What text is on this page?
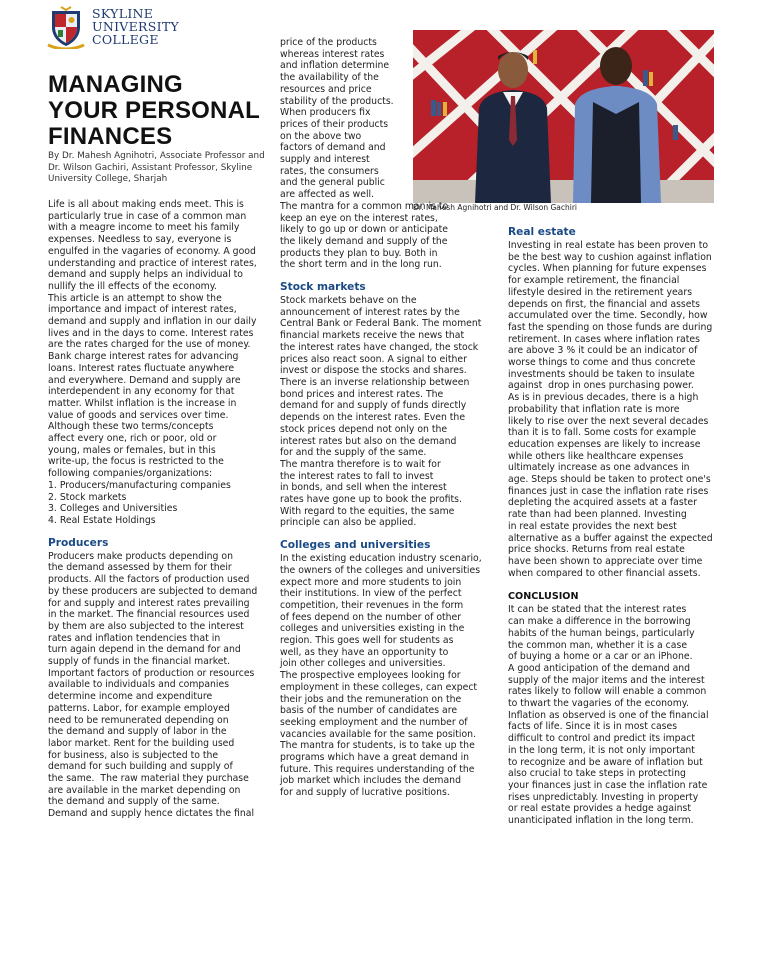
SKYLINE
UNIVERSITY
COLLEGE
MANAGING
YOUR PERSONAL
FINANCES
By Dr. Mahesh Agnihotri, Associate Professor and Dr. Wilson Gachiri, Assistant Professor, Skyline University College, Sharjah
Dr. Mahesh Agnihotri and Dr. Wilson Gachiri

Life is all about making ends meet. This is

particularly true in case of a common man

with a meagre income to meet his family

expenses. Needless to say, everyone is

engulfed in the vagaries of economy. A good

understanding and practice of interest rates,

demand and supply helps an individual to

nullify the ill effects of the economy.

This article is an attempt to show the

importance and impact of interest rates,

demand and supply and inflation in our daily

lives and in the days to come. Interest rates

are the rates charged for the use of money.

Bank charge interest rates for advancing

loans. Interest rates fluctuate anywhere

and everywhere. Demand and supply are

interdependent in any economy for that

matter. Whilst inflation is the increase in

value of goods and services over time.

Although these two terms/concepts

affect every one, rich or poor, old or

young, males or females, but in this

write-up, the focus is restricted to the

following companies/organizations:

1. Producers/manufacturing companies

2. Stock markets

3. Colleges and Universities

4. Real Estate Holdings

Producers

Producers make products depending on

the demand assessed by them for their

products. All the factors of production used

by these producers are subjected to demand

for and supply and interest rates prevailing

in the market. The financial resources used

by them are also subjected to the interest

rates and inflation tendencies that in

turn again depend in the demand for and

supply of funds in the financial market.

Important factors of production or resources

available to individuals and companies

determine income and expenditure

patterns. Labor, for example employed

need to be remunerated depending on

the demand and supply of labor in the

labor market. Rent for the building used

for business, also is subjected to the

demand for such building and supply of

the same.  The raw material they purchase

are available in the market depending on

the demand and supply of the same.

Demand and supply hence dictates the final

price of the products

whereas interest rates

and inflation determine

the availability of the

resources and price

stability of the products.

When producers fix

prices of their products

on the above two

factors of demand and

supply and interest

rates, the consumers

and the general public

are affected as well.

The mantra for a common man is to

keep an eye on the interest rates,

likely to go up or down or anticipate

the likely demand and supply of the

products they plan to buy. Both in

the short term and in the long run.

Stock markets

Stock markets behave on the

announcement of interest rates by the

Central Bank or Federal Bank. The moment

financial markets receive the news that

the interest rates have changed, the stock

prices also react soon. A signal to either

invest or dispose the stocks and shares.

There is an inverse relationship between

bond prices and interest rates. The

demand for and supply of funds directly

depends on the interest rates. Even the

stock prices depend not only on the

interest rates but also on the demand

for and the supply of the same.

The mantra therefore is to wait for

the interest rates to fall to invest

in bonds, and sell when the interest

rates have gone up to book the profits.

With regard to the equities, the same

principle can also be applied.

Colleges and universities

In the existing education industry scenario,

the owners of the colleges and universities

expect more and more students to join

their institutions. In view of the perfect

competition, their revenues in the form

of fees depend on the number of other

colleges and universities existing in the

region. This goes well for students as

well, as they have an opportunity to

join other colleges and universities.

The prospective employees looking for

employment in these colleges, can expect

their jobs and the remuneration on the

basis of the number of candidates are

seeking employment and the number of

vacancies available for the same position.

The mantra for students, is to take up the

programs which have a great demand in

future. This requires understanding of the

job market which includes the demand

for and supply of lucrative positions.

Real estate

Investing in real estate has been proven to

be the best way to cushion against inflation

cycles. When planning for future expenses

for example retirement, the financial

lifestyle desired in the retirement years

depends on first, the financial and assets

accumulated over the time. Secondly, how

fast the spending on those funds are during

retirement. In cases where inflation rates

are above 3 % it could be an indicator of

worse things to come and thus concrete

investments should be taken to insulate

against  drop in ones purchasing power.

As is in previous decades, there is a high

probability that inflation rate is more

likely to rise over the next several decades

than it is to fall. Some costs for example

education expenses are likely to increase

while others like healthcare expenses

ultimately increase as one advances in

age. Steps should be taken to protect one's

finances just in case the inflation rate rises

depleting the acquired assets at a faster

rate than had been planned. Investing

in real estate provides the next best

alternative as a buffer against the expected

price shocks. Returns from real estate

have been shown to appreciate over time

when compared to other financial assets.

CONCLUSION

It can be stated that the interest rates

can make a difference in the borrowing

habits of the human beings, particularly

the common man, whether it is a case

of buying a home or a car or an iPhone.

A good anticipation of the demand and

supply of the major items and the interest

rates likely to follow will enable a common

to thwart the vagaries of the economy.

Inflation as observed is one of the financial

facts of life. Since it is in most cases

difficult to control and predict its impact

in the long term, it is not only important

to recognize and be aware of inflation but

also crucial to take steps in protecting

your finances just in case the inflation rate

rises unpredictably. Investing in property

or real estate provides a hedge against

unanticipated inflation in the long term.
